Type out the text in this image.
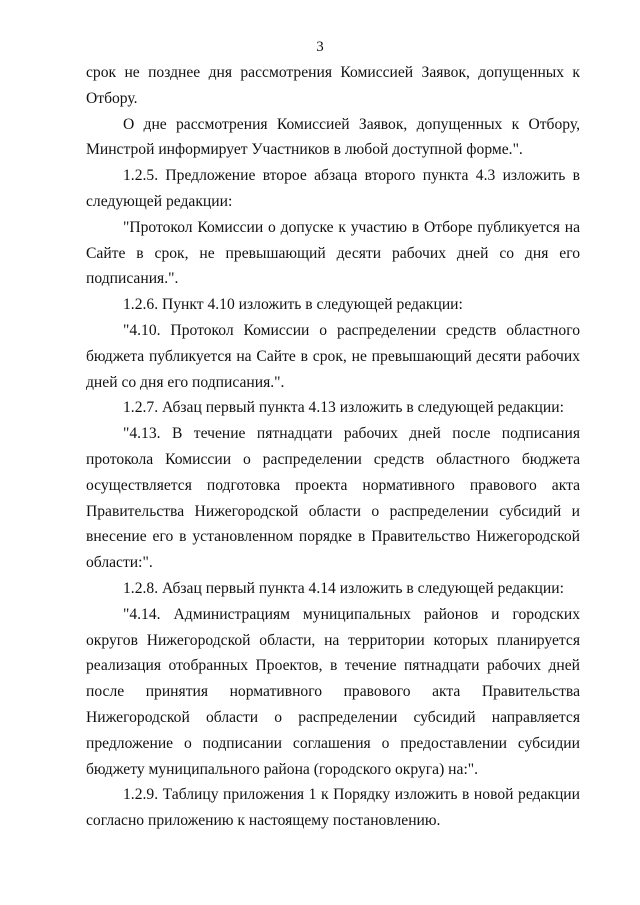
3

срок не позднее дня рассмотрения Комиссией Заявок, допущенных к Отбору.

О дне рассмотрения Комиссией Заявок, допущенных к Отбору, Минстрой информирует Участников в любой доступной форме.".

1.2.5. Предложение второе абзаца второго пункта 4.3 изложить в следующей редакции:

"Протокол Комиссии о допуске к участию в Отборе публикуется на Сайте в срок, не превышающий десяти рабочих дней со дня его подписания.".

1.2.6. Пункт 4.10 изложить в следующей редакции:

"4.10. Протокол Комиссии о распределении средств областного бюджета публикуется на Сайте в срок, не превышающий десяти рабочих дней со дня его подписания.".

1.2.7. Абзац первый пункта 4.13 изложить в следующей редакции:

"4.13. В течение пятнадцати рабочих дней после подписания протокола Комиссии о распределении средств областного бюджета осуществляется подготовка проекта нормативного правового акта Правительства Нижегородской области о распределении субсидий и внесение его в установленном порядке в Правительство Нижегородской области:".

1.2.8. Абзац первый пункта 4.14 изложить в следующей редакции:

"4.14. Администрациям муниципальных районов и городских округов Нижегородской области, на территории которых планируется реализация отобранных Проектов, в течение пятнадцати рабочих дней после принятия нормативного правового акта Правительства Нижегородской области о распределении субсидий направляется предложение о подписании соглашения о предоставлении субсидии бюджету муниципального района (городского округа) на:".

1.2.9. Таблицу приложения 1 к Порядку изложить в новой редакции согласно приложению к настоящему постановлению.
